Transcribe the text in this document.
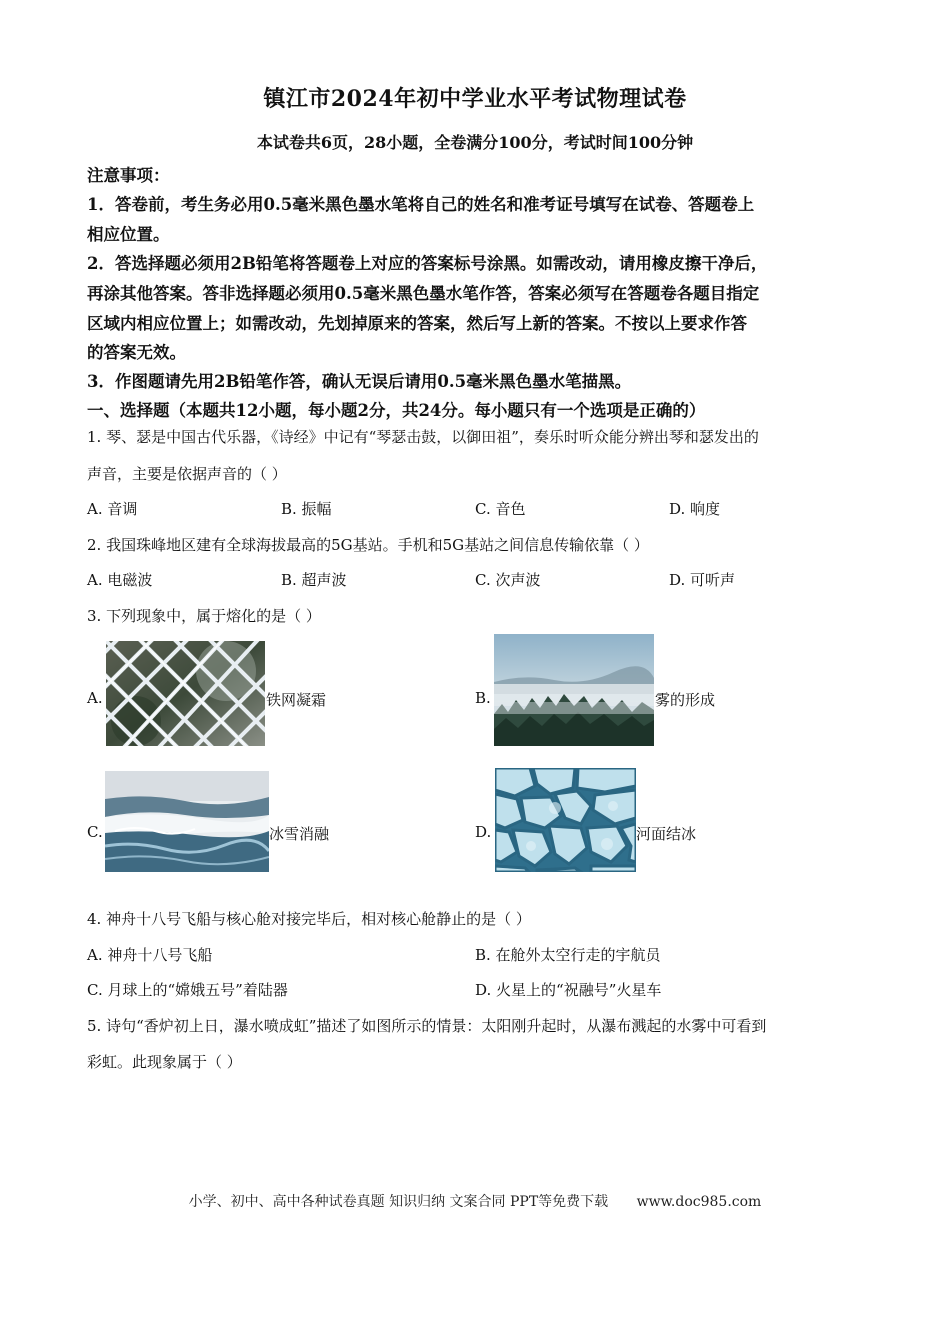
镇江市2024年初中学业水平考试物理试卷
本试卷共6页，28小题，全卷满分100分，考试时间100分钟
注意事项：
1．答卷前，考生务必用0.5毫米黑色墨水笔将自己的姓名和准考证号填写在试卷、答题卷上
相应位置。
2．答选择题必须用2B铅笔将答题卷上对应的答案标号涂黑。如需改动，请用橡皮擦干净后，
再涂其他答案。答非选择题必须用0.5毫米黑色墨水笔作答，答案必须写在答题卷各题目指定
区域内相应位置上；如需改动，先划掉原来的答案，然后写上新的答案。不按以上要求作答
的答案无效。
3．作图题请先用2B铅笔作答，确认无误后请用0.5毫米黑色墨水笔描黑。
一、选择题（本题共12小题，每小题2分，共24分。每小题只有一个选项是正确的）
1. 琴、瑟是中国古代乐器，《诗经》中记有“琴瑟击鼓，以御田祖”，奏乐时听众能分辨出琴和瑟发出的
声音，主要是依据声音的（ ）
A. 音调	B. 振幅	C. 音色	D. 响度
2. 我国珠峰地区建有全球海拔最高的5G基站。手机和5G基站之间信息传输依靠（ ）
A. 电磁波	B. 超声波	C. 次声波	D. 可听声
3. 下列现象中，属于熔化的是（ ）
A.	铁网凝霜	B.	雾的形成
C.	冰雪消融	D.	河面结冰
4. 神舟十八号飞船与核心舱对接完毕后，相对核心舱静止的是（ ）
A. 神舟十八号飞船	B. 在舱外太空行走的宇航员
C. 月球上的“嫦娥五号”着陆器	D. 火星上的“祝融号”火星车
5. 诗句“香炉初上日，瀑水喷成虹”描述了如图所示的情景：太阳刚升起时，从瀑布溅起的水雾中可看到
彩虹。此现象属于（ ）
小学、初中、高中各种试卷真题 知识归纳 文案合同 PPT等免费下载 www.doc985.com
